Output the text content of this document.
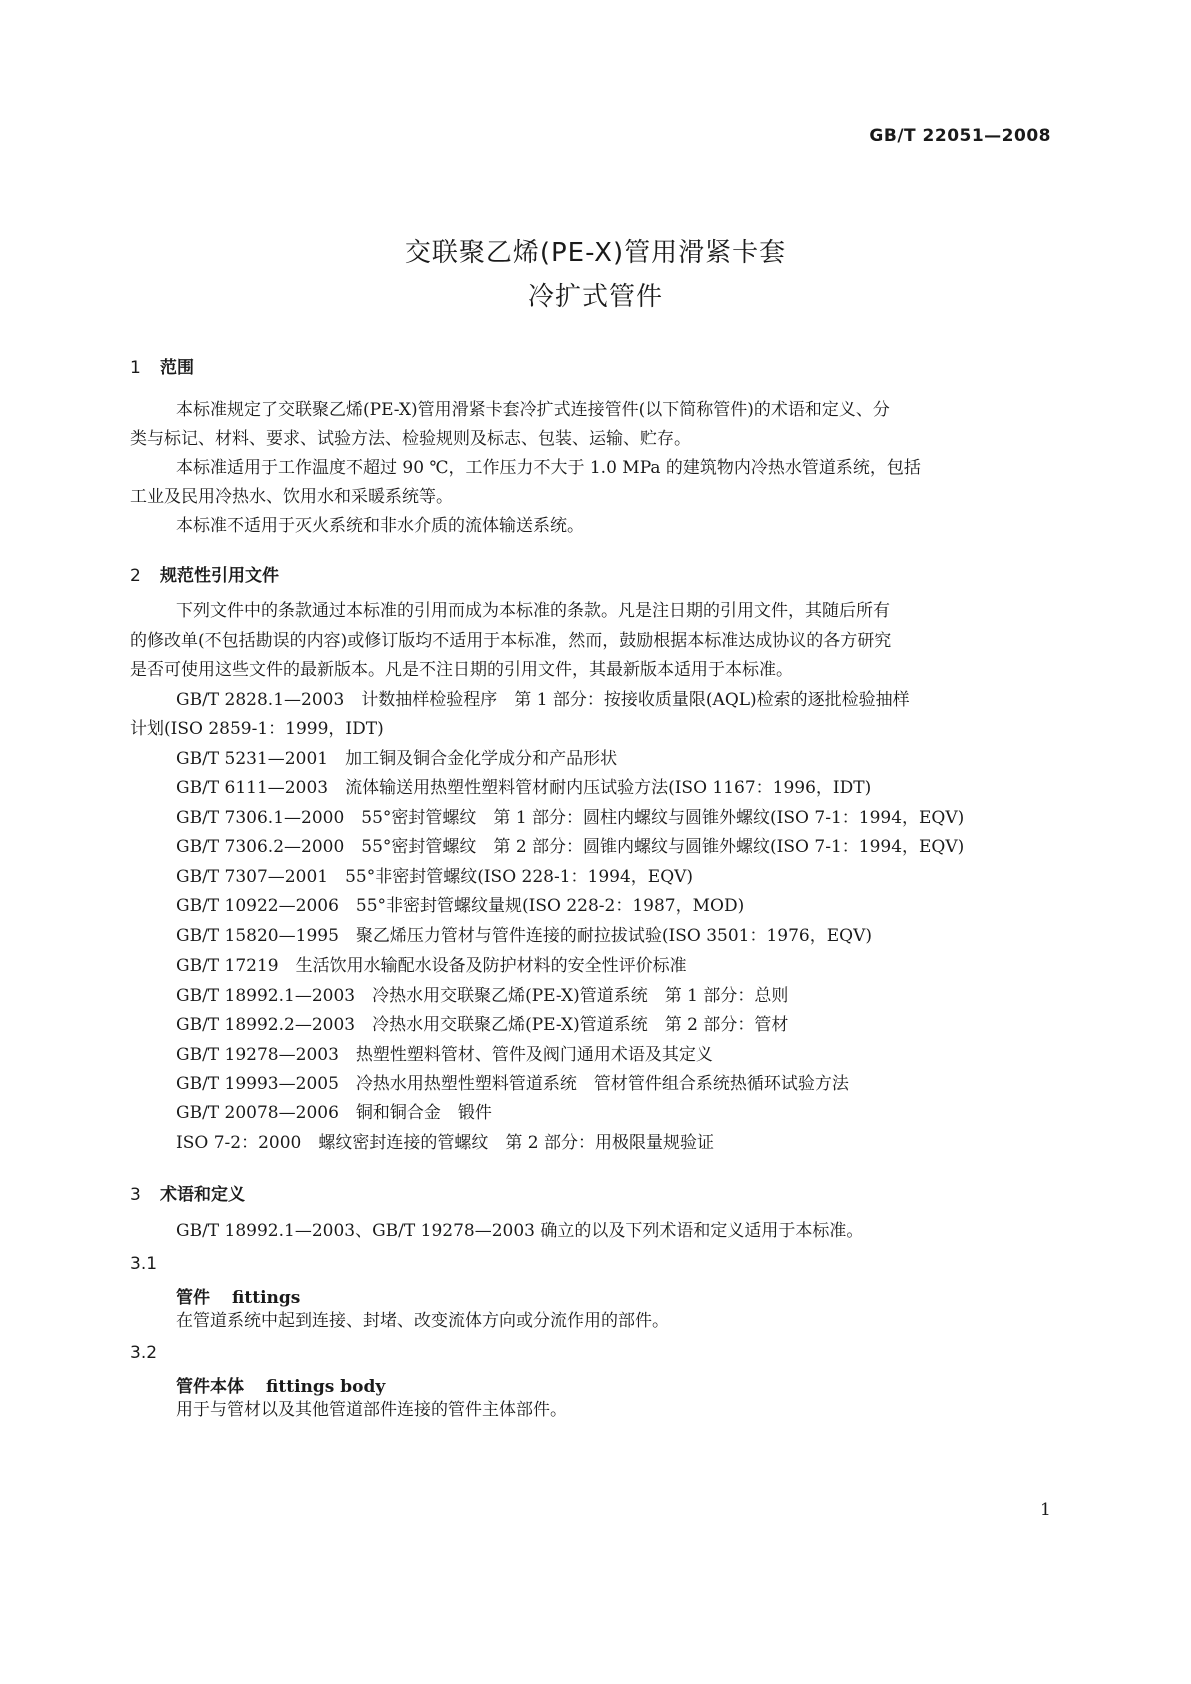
GB/T 22051—2008
交联聚乙烯(PE-X)管用滑紧卡套
冷扩式管件
1 范围
本标准规定了交联聚乙烯(PE-X)管用滑紧卡套冷扩式连接管件(以下简称管件)的术语和定义、分
类与标记、材料、要求、试验方法、检验规则及标志、包装、运输、贮存。
本标准适用于工作温度不超过 90 ℃，工作压力不大于 1.0 MPa 的建筑物内冷热水管道系统，包括
工业及民用冷热水、饮用水和采暖系统等。
本标准不适用于灭火系统和非水介质的流体输送系统。
2 规范性引用文件
下列文件中的条款通过本标准的引用而成为本标准的条款。凡是注日期的引用文件，其随后所有
的修改单(不包括勘误的内容)或修订版均不适用于本标准，然而，鼓励根据本标准达成协议的各方研究
是否可使用这些文件的最新版本。凡是不注日期的引用文件，其最新版本适用于本标准。
GB/T 2828.1—2003　计数抽样检验程序　第 1 部分：按接收质量限(AQL)检索的逐批检验抽样
计划(ISO 2859-1：1999，IDT)
GB/T 5231—2001　加工铜及铜合金化学成分和产品形状
GB/T 6111—2003　流体输送用热塑性塑料管材耐内压试验方法(ISO 1167：1996，IDT)
GB/T 7306.1—2000　55°密封管螺纹　第 1 部分：圆柱内螺纹与圆锥外螺纹(ISO 7-1：1994，EQV)
GB/T 7306.2—2000　55°密封管螺纹　第 2 部分：圆锥内螺纹与圆锥外螺纹(ISO 7-1：1994，EQV)
GB/T 7307—2001　55°非密封管螺纹(ISO 228-1：1994，EQV)
GB/T 10922—2006　55°非密封管螺纹量规(ISO 228-2：1987，MOD)
GB/T 15820—1995　聚乙烯压力管材与管件连接的耐拉拔试验(ISO 3501：1976，EQV)
GB/T 17219　生活饮用水输配水设备及防护材料的安全性评价标准
GB/T 18992.1—2003　冷热水用交联聚乙烯(PE-X)管道系统　第 1 部分：总则
GB/T 18992.2—2003　冷热水用交联聚乙烯(PE-X)管道系统　第 2 部分：管材
GB/T 19278—2003　热塑性塑料管材、管件及阀门通用术语及其定义
GB/T 19993—2005　冷热水用热塑性塑料管道系统　管材管件组合系统热循环试验方法
GB/T 20078—2006　铜和铜合金　锻件
ISO 7-2：2000　螺纹密封连接的管螺纹　第 2 部分：用极限量规验证
3 术语和定义
GB/T 18992.1—2003、GB/T 19278—2003 确立的以及下列术语和定义适用于本标准。
3.1
管件 fittings
在管道系统中起到连接、封堵、改变流体方向或分流作用的部件。
3.2
管件本体 fittings body
用于与管材以及其他管道部件连接的管件主体部件。
1
